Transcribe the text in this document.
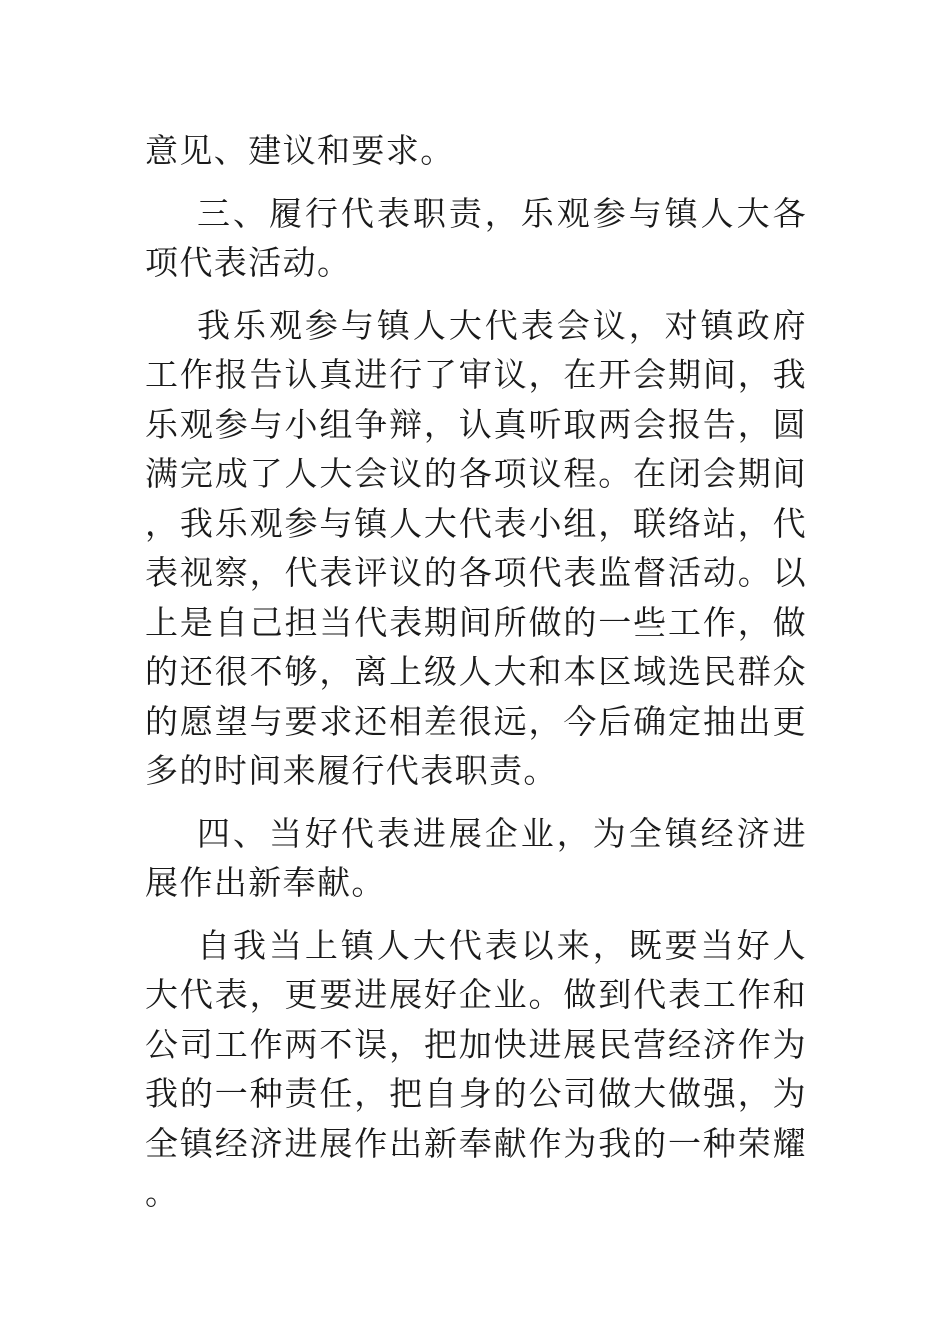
意见、建议和要求。

三、履行代表职责，乐观参与镇人大各项代表活动。

我乐观参与镇人大代表会议，对镇政府工作报告认真进行了审议，在开会期间，我乐观参与小组争辩，认真听取两会报告，圆满完成了人大会议的各项议程。在闭会期间，我乐观参与镇人大代表小组，联络站，代表视察，代表评议的各项代表监督活动。以上是自己担当代表期间所做的一些工作，做的还很不够，离上级人大和本区域选民群众的愿望与要求还相差很远，今后确定抽出更多的时间来履行代表职责。

四、当好代表进展企业，为全镇经济进展作出新奉献。

自我当上镇人大代表以来，既要当好人大代表，更要进展好企业。做到代表工作和公司工作两不误，把加快进展民营经济作为我的一种责任，把自身的公司做大做强，为全镇经济进展作出新奉献作为我的一种荣耀。
